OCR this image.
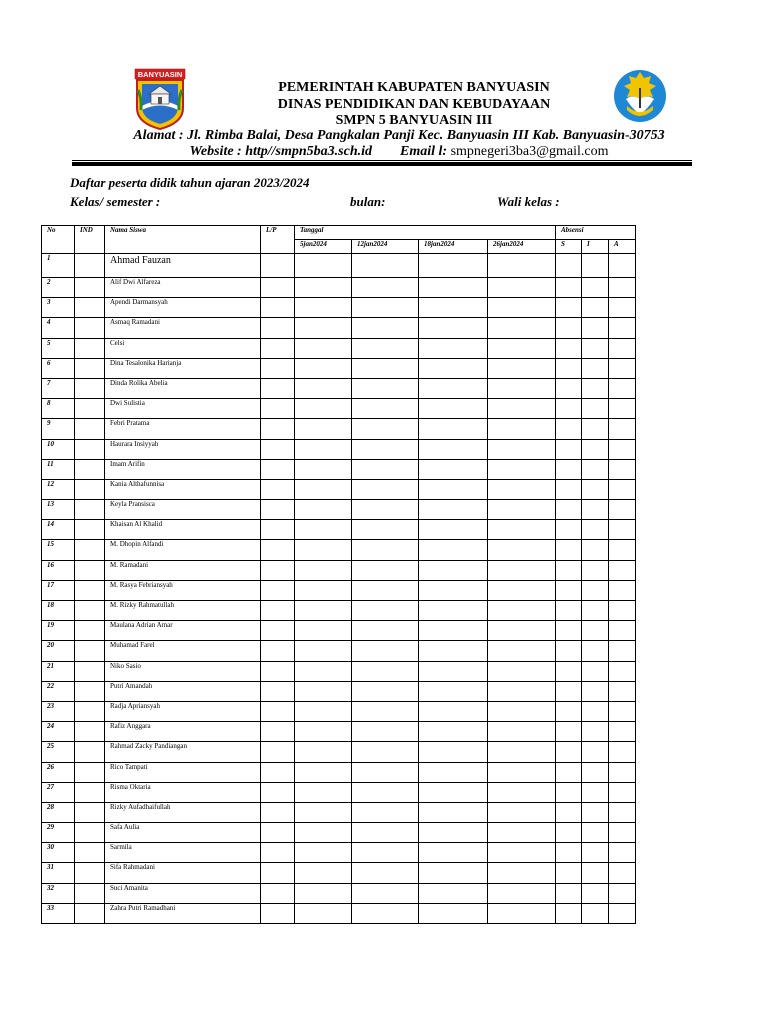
BANYUASIN
PEMERINTAH KABUPATEN BANYUASIN
DINAS PENDIDIKAN DAN KEBUDAYAAN
SMPN 5 BANYUASIN III
Alamat : Jl. Rimba Balai, Desa Pangkalan Panji Kec. Banyuasin III Kab. Banyuasin-30753
Website : http//smpn5ba3.sch.id Email l: smpnegeri3ba3@gmail.com
Daftar peserta didik tahun ajaran 2023/2024
Kelas/ semester :	bulan:	Wali kelas :
No	IND	Nama Siswa	L/P	Tanggal				Absensi		
				5jan2024	12jan2024	18jan2024	26jan2024	S	I	A
1		Ahmad Fauzan								
2		Alif Dwi Alfareza								
3		Apendi Darmansyah								
4		Asmaq Ramadani								
5		Celsi								
6		Dina Tesalonika Harianja								
7		Dinda Rolika Abelia								
8		Dwi Sulistia								
9		Febri Pratama								
10		Haurara Insiyyah								
11		Imam Arifin								
12		Kania Althafunnisa								
13		Keyla Pransisca								
14		Khaisan Al Khalid								
15		M. Dhopin Alfandi								
16		M. Ramadani								
17		M. Rasya Febriansyah								
18		M. Rizky Rahmatullah								
19		Maulana Adrian Amar								
20		Muhamad Farel								
21		Niko Sasio								
22		Putri Amandah								
23		Radja Apriansyah								
24		Rafiz Anggara								
25		Rahmad Zacky Pandiangan								
26		Rico Tampati								
27		Risma Oktaria								
28		Rizky Aufadhaifullah								
29		Safa Aulia								
30		Sarmila								
31		Sifa Rahmadani								
32		Suci Amanita								
33		Zahra Putri Ramadhani								
